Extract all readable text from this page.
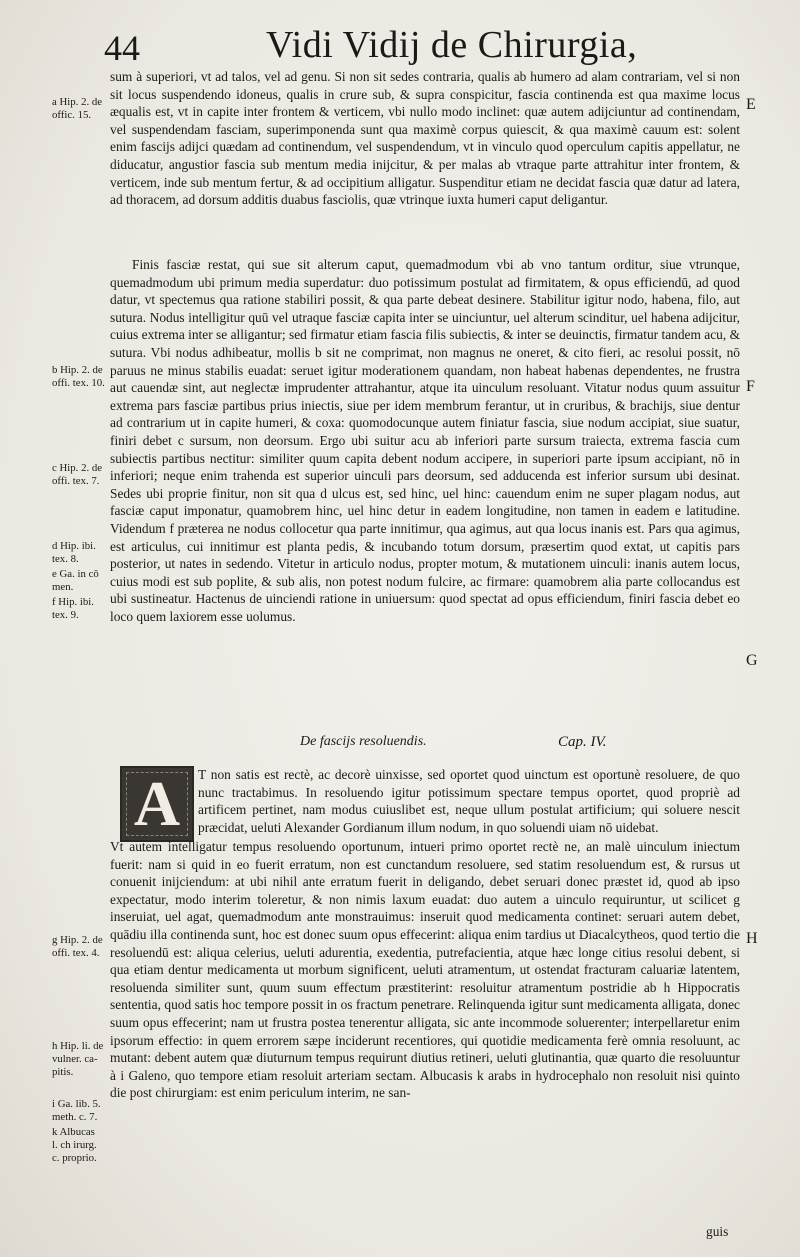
44	Vidi Vidij de Chirurgia,

sum à superiori, vt ad talos, vel ad genu. Si non sit sedes contraria, qualis ab humero ad alam contrariam, vel si non sit locus suspendendo idoneus, qualis in crure sub, & supra conspicitur, fascia continenda est qua maxime locus æqualis est, vt in capite inter frontem & verticem, vbi nullo modo inclinet: quæ autem adijciuntur ad continendam, vel suspendendam fasciam, superimponenda sunt qua maximè corpus quiescit, & qua maximè cauum est: solent enim fascijs adijci quædam ad continendum, vel suspendendum, vt in vinculo quod operculum capitis appellatur, ne diducatur, angustior fascia sub mentum media inijcitur, & per malas ab vtraque parte attrahitur inter frontem, & verticem, inde sub mentum fertur, & ad occipitium alligatur. Suspenditur etiam ne decidat fascia quæ datur ad latera, ad thoracem, ad dorsum additis duabus fasciolis, quæ vtrinque iuxta humeri caput deligantur.

Finis fasciæ restat, qui sue sit alterum caput, quemadmodum vbi ab vno tantum orditur, siue vtrunque, quemadmodum ubi primum media superdatur: duo potissimum postulat ad firmitatem, & opus efficiendū, ad quod datur, vt spectemus qua ratione stabiliri possit, & qua parte debeat desinere. Stabilitur igitur nodo, habena, filo, aut sutura. Nodus intelligitur quū vel utraque fasciæ capita inter se uinciuntur, uel alterum scinditur, uel habena adijcitur, cuius extrema inter se alligantur; sed firmatur etiam fascia filis subiectis, & inter se deuinctis, firmatur tandem acu, & sutura. Vbi nodus adhibeatur, mollis b sit ne comprimat, non magnus ne oneret, & cito fieri, ac resolui possit, nō paruus ne minus stabilis euadat: seruet igitur moderationem quandam, non habeat habenas dependentes, ne frustra aut cauendæ sint, aut neglectæ imprudenter attrahantur, atque ita uinculum resoluant. Vitatur nodus quum assuitur extrema pars fasciæ partibus prius iniectis, siue per idem membrum ferantur, ut in cruribus, & brachijs, siue dentur ad contrarium ut in capite humeri, & coxa: quomodocunque autem finiatur fascia, siue nodum accipiat, siue suatur, finiri debet c sursum, non deorsum. Ergo ubi suitur acu ab inferiori parte sursum traiecta, extrema fascia cum subiectis partibus nectitur: similiter quum capita debent nodum accipere, in superiori parte ipsum accipiant, nō in inferiori; neque enim trahenda est superior uinculi pars deorsum, sed adducenda est inferior sursum ubi desinat. Sedes ubi proprie finitur, non sit qua d ulcus est, sed hinc, uel hinc: cauendum enim ne super plagam nodus, aut fasciæ caput imponatur, quamobrem hinc, uel hinc detur in eadem longitudine, non tamen in eadem e latitudine. Videndum f præterea ne nodus collocetur qua parte innitimur, qua agimus, aut qua locus inanis est. Pars qua agimus, est articulus, cui innitimur est planta pedis, & incubando totum dorsum, præsertim quod extat, ut capitis pars posterior, ut nates in sedendo. Vitetur in articulo nodus, propter motum, & mutationem uinculi: inanis autem locus, cuius modi est sub poplite, & sub alis, non potest nodum fulcire, ac firmare: quamobrem alia parte collocandus est ubi sustineatur. Hactenus de uinciendi ratione in uniuersum: quod spectat ad opus efficiendum, finiri fascia debet eo loco quem laxiorem esse uolumus.

De fascijs resoluendis.	Cap. IV.
A T non satis est rectè, ac decorè uinxisse, sed oportet quod uinctum est oportunè resoluere, de quo nunc tractabimus. In resoluendo igitur potissimum spectare tempus oportet, quod propriè ad artificem pertinet, nam modus cuiuslibet est, neque ullum postulat artificium; qui soluere nescit præcidat, ueluti Alexander Gordianum illum nodum, in quo soluendi uiam nō uidebat.

Vt autem intelligatur tempus resoluendo oportunum, intueri primo oportet rectè ne, an malè uinculum iniectum fuerit: nam si quid in eo fuerit erratum, non est cunctandum resoluere, sed statim resoluendum est, & rursus ut conuenit inijciendum: at ubi nihil ante erratum fuerit in deligando, debet seruari donec præstet id, quod ab ipso expectatur, modo interim toleretur, & non nimis laxum euadat: duo autem a uinculo requiruntur, ut scilicet g inseruiat, uel agat, quemadmodum ante monstrauimus: inseruit quod medicamenta continet: seruari autem debet, quādiu illa continenda sunt, hoc est donec suum opus effecerint: aliqua enim tardius ut Diacalcytheos, quod tertio die resoluendū est: aliqua celerius, ueluti adurentia, exedentia, putrefacientia, atque hæc longe citius resolui debent, si qua etiam dentur medicamenta ut morbum significent, ueluti atramentum, ut ostendat fracturam caluariæ latentem, resoluenda similiter sunt, quum suum effectum præstiterint: resoluitur atramentum postridie ab h Hippocratis sententia, quod satis hoc tempore possit in os fractum penetrare. Relinquenda igitur sunt medicamenta alligata, donec suum opus effecerint; nam ut frustra postea tenerentur alligata, sic ante incommode soluerenter; interpellaretur enim ipsorum effectio: in quem errorem sæpe inciderunt recentiores, qui quotidie medicamenta ferè omnia resoluunt, ac mutant: debent autem quæ diuturnum tempus requirunt diutius retineri, ueluti glutinantia, quæ quarto die resoluuntur à i Galeno, quo tempore etiam resoluit arteriam sectam. Albucasis k arabs in hydrocephalo non resoluit nisi quinto die post chirurgiam: est enim periculum interim, ne san-

guis
a Hip. 2. de
offic. 15.
b Hip. 2. de
offi. tex. 10.
c Hip. 2. de
offi. tex. 7.
d Hip. ibi.
tex. 8.
e Ga. in cō
men.
f Hip. ibi.
tex. 9.
g Hip. 2. de
offi. tex. 4.
h Hip. li. de
vulner. ca-
pitis.
i Ga. lib. 5.
meth. c. 7.
k Albucas
l. ch irurg.
c. proprio.
E
F
G
H
